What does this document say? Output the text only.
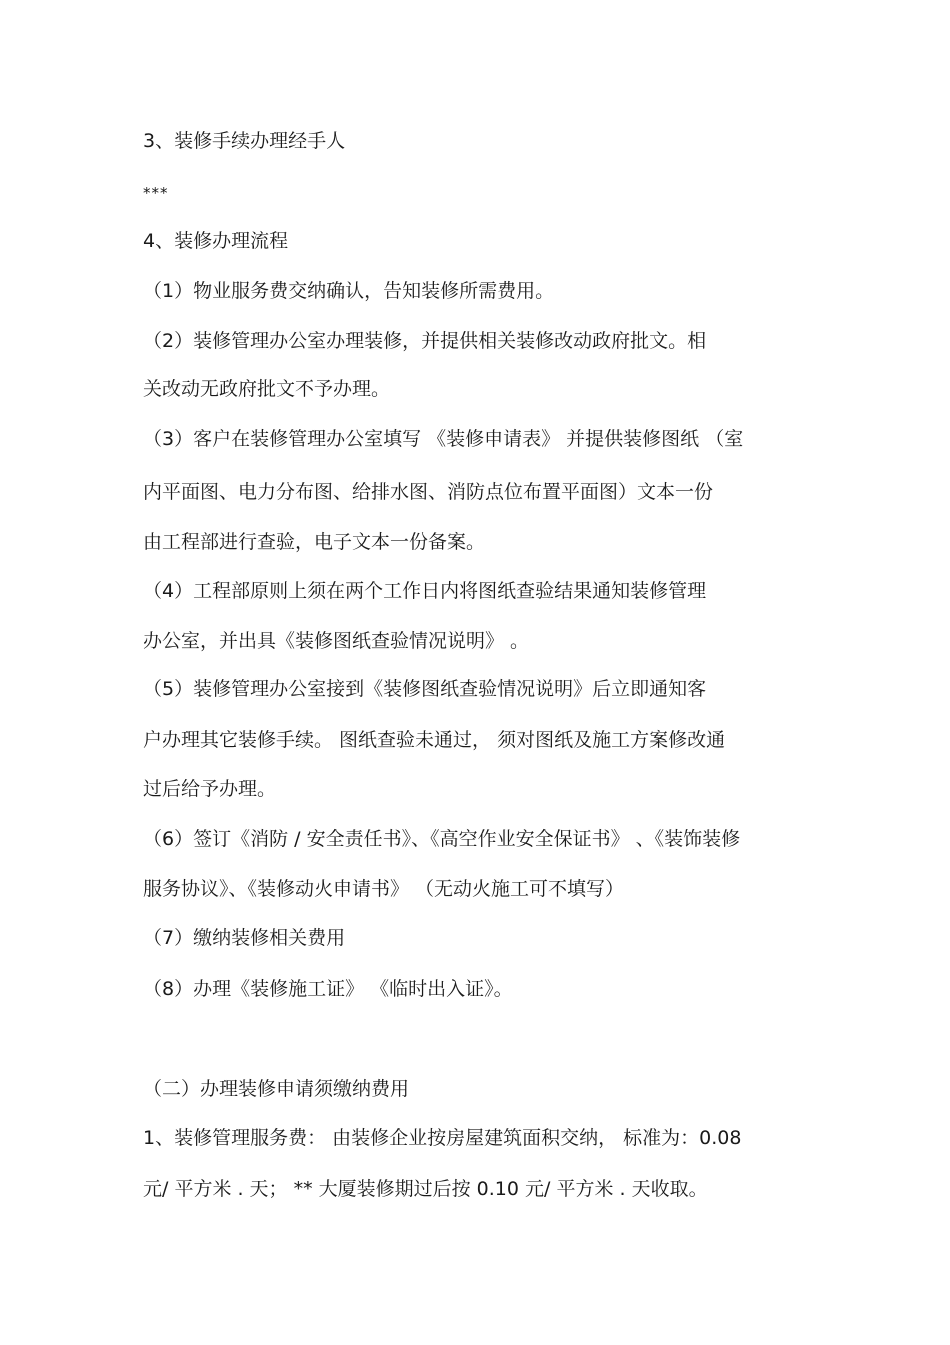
3、装修手续办理经手人
***
4、装修办理流程
（1）物业服务费交纳确认，告知装修所需费用。
（2）装修管理办公室办理装修，并提供相关装修改动政府批文。相
关改动无政府批文不予办理。
（3）客户在装修管理办公室填写 《装修申请表》 并提供装修图纸 （室
内平面图、电力分布图、给排水图、消防点位布置平面图）文本一份
由工程部进行查验，电子文本一份备案。
（4）工程部原则上须在两个工作日内将图纸查验结果通知装修管理
办公室，并出具《装修图纸查验情况说明》 。
（5）装修管理办公室接到《装修图纸查验情况说明》后立即通知客
户办理其它装修手续。 图纸查验未通过， 须对图纸及施工方案修改通
过后给予办理。
（6）签订《消防 / 安全责任书》、《高空作业安全保证书》 、《装饰装修
服务协议》、《装修动火申请书》 （无动火施工可不填写）
（7）缴纳装修相关费用
（8）办理《装修施工证》 《临时出入证》。
（二）办理装修申请须缴纳费用
1、装修管理服务费： 由装修企业按房屋建筑面积交纳， 标准为：0.08
元/ 平方米 . 天； ** 大厦装修期过后按 0.10 元/ 平方米 . 天收取。
